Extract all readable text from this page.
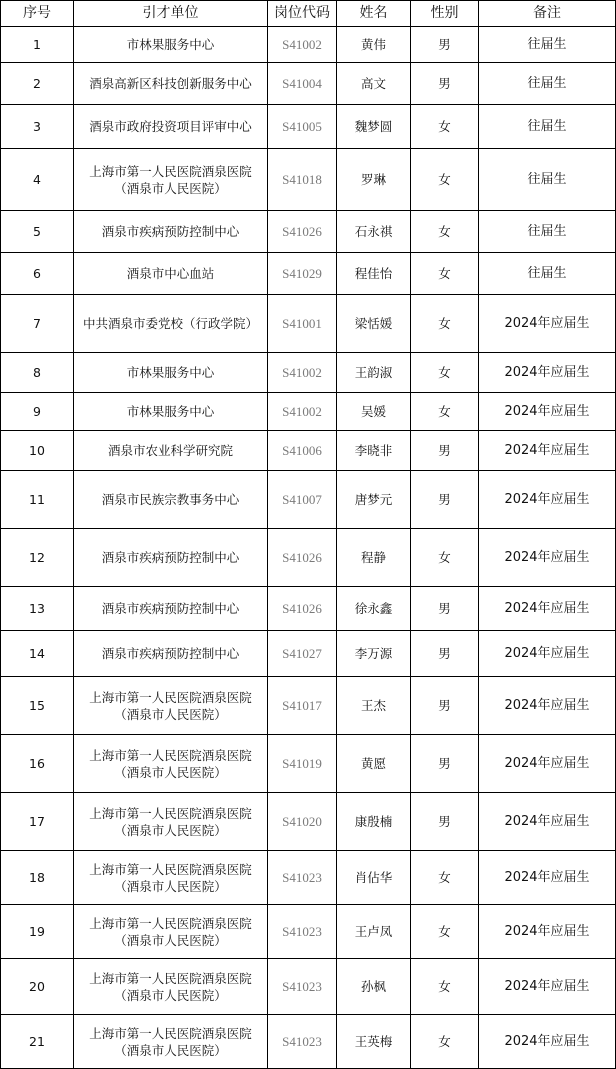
序号	引才单位	岗位代码	姓名	性别	备注
1	市林果服务中心	S41002	黄伟	男	往届生
2	酒泉高新区科技创新服务中心	S41004	高文	男	往届生
3	酒泉市政府投资项目评审中心	S41005	魏梦圆	女	往届生
4	上海市第一人民医院酒泉医院
（酒泉市人民医院）	S41018	罗琳	女	往届生
5	酒泉市疾病预防控制中心	S41026	石永祺	女	往届生
6	酒泉市中心血站	S41029	程佳怡	女	往届生
7	中共酒泉市委党校（行政学院）	S41001	梁恬媛	女	2024年应届生
8	市林果服务中心	S41002	王韵淑	女	2024年应届生
9	市林果服务中心	S41002	吴媛	女	2024年应届生
10	酒泉市农业科学研究院	S41006	李晓非	男	2024年应届生
11	酒泉市民族宗教事务中心	S41007	唐梦元	男	2024年应届生
12	酒泉市疾病预防控制中心	S41026	程静	女	2024年应届生
13	酒泉市疾病预防控制中心	S41026	徐永鑫	男	2024年应届生
14	酒泉市疾病预防控制中心	S41027	李万源	男	2024年应届生
15	上海市第一人民医院酒泉医院
（酒泉市人民医院）	S41017	王杰	男	2024年应届生
16	上海市第一人民医院酒泉医院
（酒泉市人民医院）	S41019	黄愿	男	2024年应届生
17	上海市第一人民医院酒泉医院
（酒泉市人民医院）	S41020	康殷楠	男	2024年应届生
18	上海市第一人民医院酒泉医院
（酒泉市人民医院）	S41023	肖佔华	女	2024年应届生
19	上海市第一人民医院酒泉医院
（酒泉市人民医院）	S41023	王卢凤	女	2024年应届生
20	上海市第一人民医院酒泉医院
（酒泉市人民医院）	S41023	孙枫	女	2024年应届生
21	上海市第一人民医院酒泉医院
（酒泉市人民医院）	S41023	王英梅	女	2024年应届生
